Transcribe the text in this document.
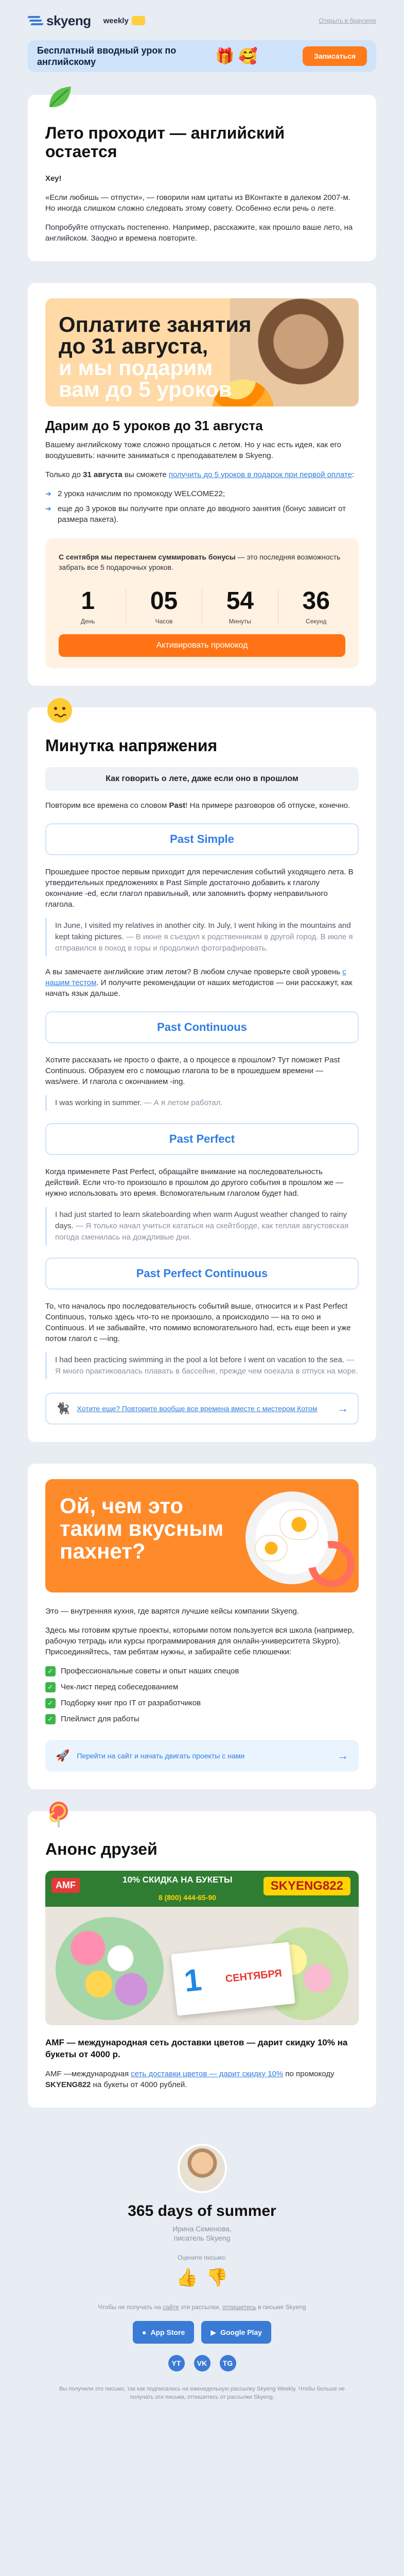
skyeng weekly	Открыть в браузере
Бесплатный вводный урок по английскому	🎁 🥰	Записаться
Лето проходит — английский остается

Хеу!

«Если любишь — отпусти», — говорили нам цитаты из ВКонтакте в далеком 2007-м. Но иногда слишком сложно следовать этому совету. Особенно если речь о лете.

Попробуйте отпускать постепенно. Например, расскажите, как прошло ваше лето, на английском. Заодно и времена повторите.

Оплатите занятия до 31 августа,
и мы подарим
вам до 5 уроков
Дарим до 5 уроков до 31 августа

Вашему английскому тоже сложно прощаться с летом. Но у нас есть идея, как его воодушевить: начните заниматься с преподавателем в Skyeng.

Только до 31 августа вы сможете получить до 5 уроков в подарок при первой оплате:

➔ 2 урока начислим по промокоду WELCOME22;
➔ еще до 3 уроков вы получите при оплате до вводного занятия (бонус зависит от размера пакета).

С сентября мы перестанем суммировать бонусы — это последняя возможность забрать все 5 подарочных уроков.

1
День
05
Часов
54
Минуты
36
Секунд
Активировать промокод
Минутка напряжения
Как говорить о лете, даже если оно в прошлом

Повторим все времена со словом Past! На примере разговоров об отпуске, конечно.

Past Simple

Прошедшее простое первым приходит для перечисления событий уходящего лета. В утвердительных предложениях в Past Simple достаточно добавить к глаголу окончание -ed, если глагол правильный, или запомнить форму неправильного глагола.

In June, I visited my relatives in another city. In July, I went hiking in the mountains and kept taking pictures. — В июне я съездил к родственникам в другой город. В июле я отправился в поход в горы и продолжил фотографировать.

А вы замечаете английские этим летом? В любом случае проверьте свой уровень с нашим тестом. И получите рекомендации от наших методистов — они расскажут, как начать язык дальше.

Past Continuous

Хотите рассказать не просто о факте, а о процессе в прошлом? Тут поможет Past Continuous. Образуем его с помощью глагола to be в прошедшем времени — was/were. И глагола с окончанием -ing.

I was working in summer. — А я летом работал.
Past Perfect

Когда применяете Past Perfect, обращайте внимание на последовательность действий. Если что-то произошло в прошлом до другого события в прошлом же — нужно использовать это время. Вспомогательным глаголом будет had.

I had just started to learn skateboarding when warm August weather changed to rainy days. — Я только начал учиться кататься на скейтборде, как теплая августовская погода сменилась на дождливые дни.
Past Perfect Continuous

То, что началось про последовательность событий выше, относится и к Past Perfect Continuous, только здесь что-то не произошло, а происходило — на то оно и Continuous. И не забывайте, что помимо вспомогательного had, есть еще been и уже потом глагол с —ing.

I had been practicing swimming in the pool a lot before I went on vacation to the sea. — Я много практиковалась плавать в бассейне, прежде чем поехала в отпуск на море.
🐈‍⬛ Хотите еще? Повторите вообще все времена вместе с мистером Котом	→
Ой, чем это таким вкусным пахнет?

Это — внутренняя кухня, где варятся лучшие кейсы компании Skyeng.

Здесь мы готовим крутые проекты, которыми потом пользуется вся школа (например, рабочую тетрадь или курсы программирования для онлайн-университета Skypro). Присоединяйтесь, там ребятам нужны, и забирайте себе плюшечки:

✓ Профессиональные советы и опыт наших спецов
✓ Чек-лист перед собеседованием
✓ Подборку книг про IT от разработчиков
✓ Плейлист для работы
🚀 Перейти на сайт и начать двигать проекты с нами	→
Анонс друзей
AMF
10% СКИДКА НА БУКЕТЫ	SKYENG822
8 (800) 444-65-90
1 СЕНТЯБРЯ
AMF — международная сеть доставки цветов — дарит скидку 10% на букеты от 4000 р.

AMF —международная сеть доставки цветов — дарит скидку 10% по промокоду SKYENG822 на букеты от 4000 рублей.

365 days of summer
Ирина Семенова,
писатель Skyeng
Оцените письмо:
👍 👎
Чтобы не получать на сайте эти рассылки, отпишитесь в письме Skyeng
● App Store	▶ Google Play
YT	VK	TG
Вы получили это письмо, так как подписались на еженедельную рассылку Skyeng Weekly. Чтобы больше не получать эти письма, отпишитесь от рассылки Skyeng.
